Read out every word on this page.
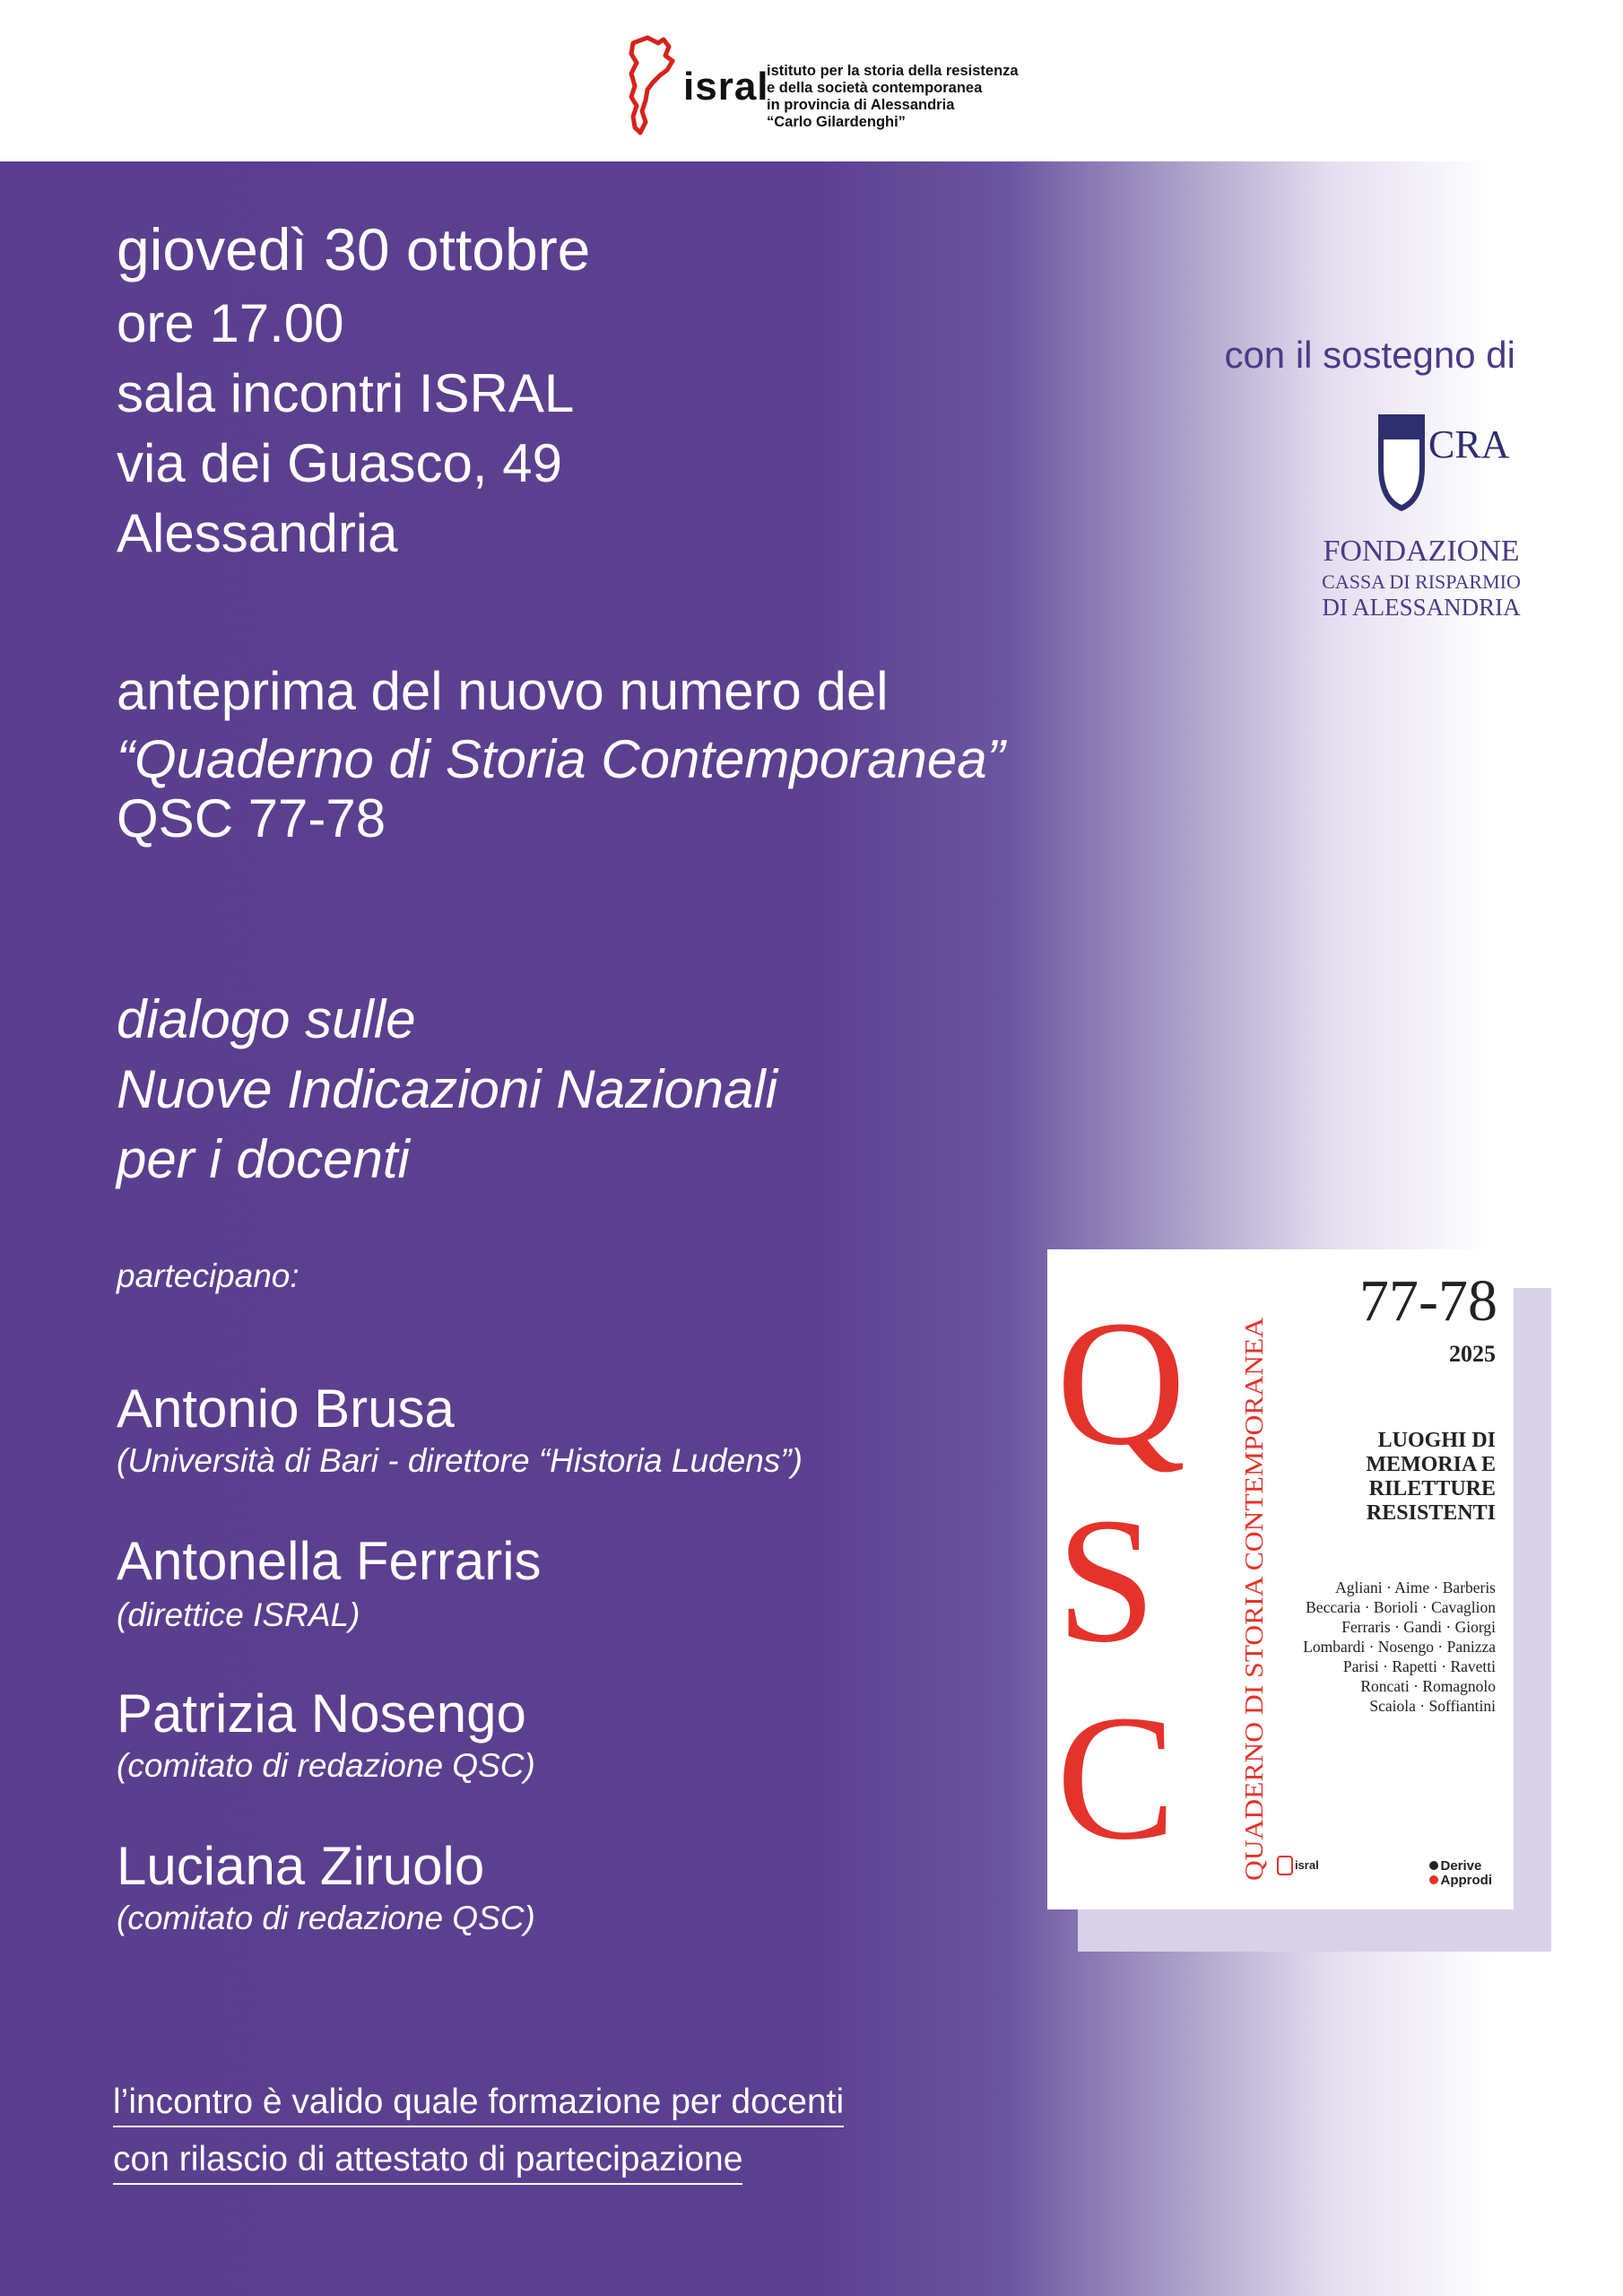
isral
istituto per la storia della resistenza
e della società contemporanea
in provincia di Alessandria
“Carlo Gilardenghi”
giovedì 30 ottobre
ore 17.00
sala incontri ISRAL
via dei Guasco, 49
Alessandria
anteprima del nuovo numero del
“Quaderno di Storia Contemporanea”
QSC 77-78
dialogo sulle
Nuove Indicazioni Nazionali
per i docenti
partecipano:
Antonio Brusa
(Università di Bari - direttore “Historia Ludens”)
Antonella Ferraris
(direttice ISRAL)
Patrizia Nosengo
(comitato di redazione QSC)
Luciana Ziruolo
(comitato di redazione QSC)
l’incontro è valido quale formazione per docenti
con rilascio di attestato di partecipazione
con il sostegno di
CRA
FONDAZIONE
CASSA DI RISPARMIO
DI ALESSANDRIA
Q
S
C QUADERNO DI STORIA CONTEMPORANEA
77-78
2025
LUOGHI DI
MEMORIA E
RILETTURE
RESISTENTI
Agliani · Aime · Barberis
Beccaria · Borioli · Cavaglion
Ferraris · Gandi · Giorgi
Lombardi · Nosengo · Panizza
Parisi · Rapetti · Ravetti
Roncati · Romagnolo
Scaiola · Soffiantini
isral	Derive
Approdi
